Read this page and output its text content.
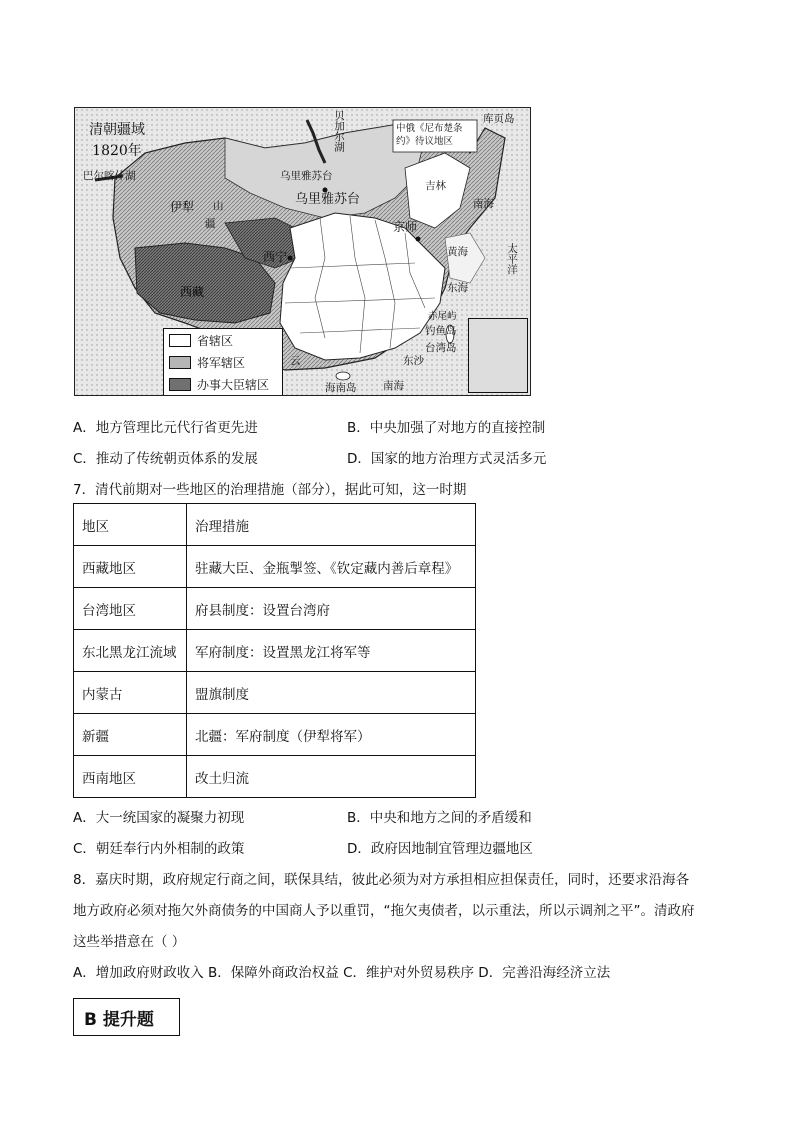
清朝疆域
1820年
巴尔喀什湖
伊犁 山
疆
乌里雅苏台
乌里雅苏台
贝加尔湖	中俄《尼布楚条约》待议地区
库页岛
吉林
京师
西宁	黄海
东海
南海
太平洋
钓鱼岛
赤尾屿
台湾岛
海南岛	南海
东沙
西藏
云
省辖区
将军辖区
办事大臣辖区
A．地方管理比元代行省更先进	B．中央加强了对地方的直接控制
C．推动了传统朝贡体系的发展	D．国家的地方治理方式灵活多元
7．清代前期对一些地区的治理措施（部分），据此可知，这一时期
地区	治理措施
西藏地区	驻藏大臣、金瓶掣签、《钦定藏内善后章程》
台湾地区	府县制度：设置台湾府
东北黑龙江流域	军府制度：设置黑龙江将军等
内蒙古	盟旗制度
新疆	北疆：军府制度（伊犁将军）
西南地区	改土归流
A．大一统国家的凝聚力初现	B．中央和地方之间的矛盾缓和
C．朝廷奉行内外相制的政策	D．政府因地制宜管理边疆地区
8．嘉庆时期，政府规定行商之间，联保具结，彼此必须为对方承担相应担保责任，同时，还要求沿海各
地方政府必须对拖欠外商债务的中国商人予以重罚，“拖欠夷债者，以示重法，所以示调剂之平”。清政府
这些举措意在（ ）
A．增加政府财政收入 B．保障外商政治权益 C．维护对外贸易秩序 D．完善沿海经济立法
B 提升题
